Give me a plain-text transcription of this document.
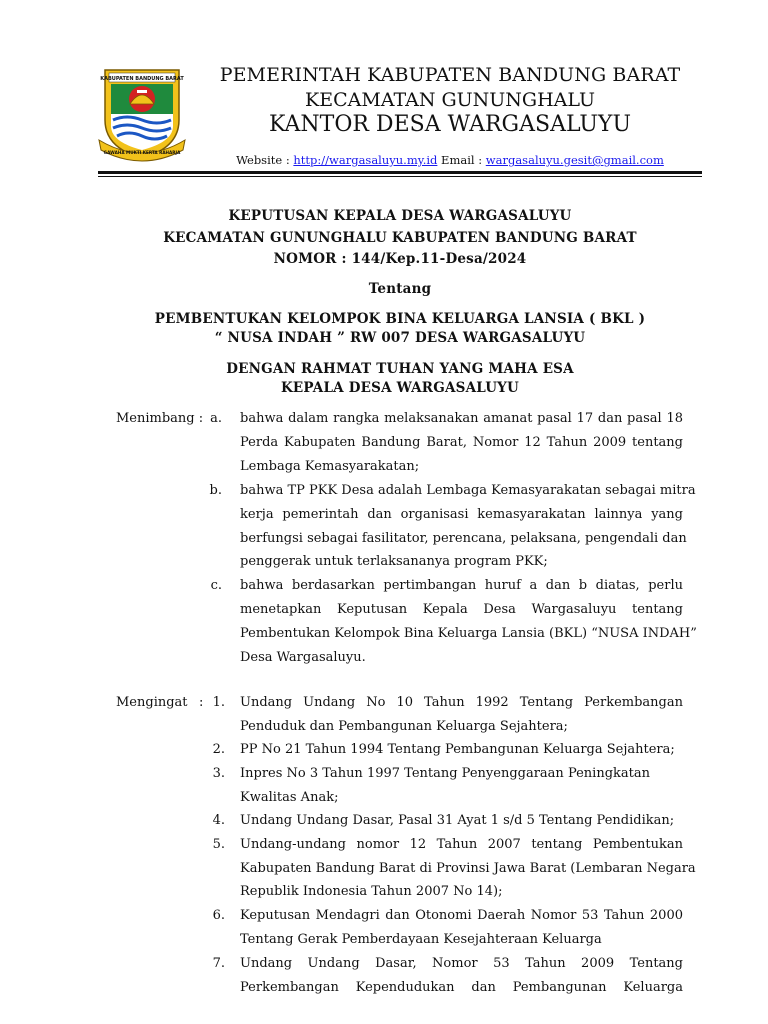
KABUPATEN BANDUNG BARAT
GAWAHA MUKTI KERTA RAHARJA
PEMERINTAH KABUPATEN BANDUNG BARAT
KECAMATAN GUNUNGHALU
KANTOR DESA WARGASALUYU
Website : http://wargasaluyu.my.id Email : wargasaluyu.gesit@gmail.com
KEPUTUSAN KEPALA DESA WARGASALUYU
KECAMATAN GUNUNGHALU KABUPATEN BANDUNG BARAT
NOMOR : 144/Kep.11-Desa/2024
Tentang
PEMBENTUKAN KELOMPOK BINA KELUARGA LANSIA ( BKL )
“ NUSA INDAH ” RW 007 DESA WARGASALUYU
DENGAN RAHMAT TUHAN YANG MAHA ESA
KEPALA DESA WARGASALUYU
Menimbang : a. bahwa dalam rangka melaksanakan amanat pasal 17 dan pasal 18
Perda Kabupaten Bandung Barat, Nomor 12 Tahun 2009 tentang
Lembaga Kemasyarakatan;
b. bahwa TP PKK Desa adalah Lembaga Kemasyarakatan sebagai mitra
kerja pemerintah dan organisasi kemasyarakatan lainnya yang
berfungsi sebagai fasilitator, perencana, pelaksana, pengendali dan
penggerak untuk terlaksananya program PKK;
c. bahwa berdasarkan pertimbangan huruf a dan b diatas, perlu
menetapkan Keputusan Kepala Desa Wargasaluyu tentang
Pembentukan Kelompok Bina Keluarga Lansia (BKL) “NUSA INDAH”
Desa Wargasaluyu.
Mengingat : 1. Undang Undang No 10 Tahun 1992 Tentang Perkembangan
Penduduk dan Pembangunan Keluarga Sejahtera;
2. PP No 21 Tahun 1994 Tentang Pembangunan Keluarga Sejahtera;
3. Inpres No 3 Tahun 1997 Tentang Penyenggaraan Peningkatan
Kwalitas Anak;
4. Undang Undang Dasar, Pasal 31 Ayat 1 s/d 5 Tentang Pendidikan;
5. Undang-undang nomor 12 Tahun 2007 tentang Pembentukan
Kabupaten Bandung Barat di Provinsi Jawa Barat (Lembaran Negara
Republik Indonesia Tahun 2007 No 14);
6. Keputusan Mendagri dan Otonomi Daerah Nomor 53 Tahun 2000
Tentang Gerak Pemberdayaan Kesejahteraan Keluarga
7. Undang Undang Dasar, Nomor 53 Tahun 2009 Tentang
Perkembangan Kependudukan dan Pembangunan Keluarga
